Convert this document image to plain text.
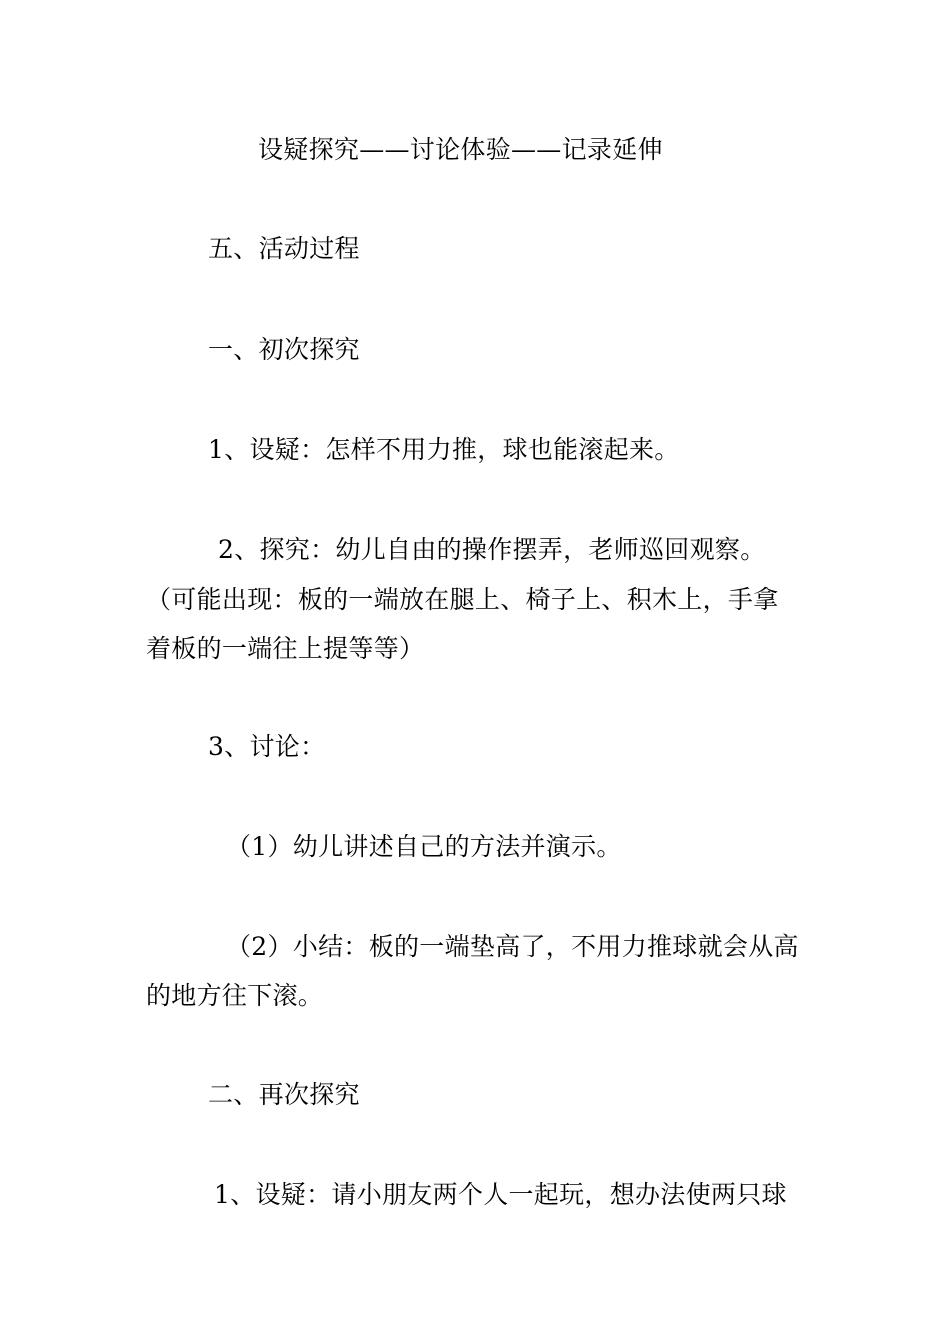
设疑探究——讨论体验——记录延伸
五、活动过程
一、初次探究
1、设疑：怎样不用力推，球也能滚起来。
2、探究：幼儿自由的操作摆弄，老师巡回观察。
（可能出现：板的一端放在腿上、椅子上、积木上，手拿
着板的一端往上提等等）
3、讨论：
（1）幼儿讲述自己的方法并演示。
（2）小结：板的一端垫高了，不用力推球就会从高
的地方往下滚。
二、再次探究
1、设疑：请小朋友两个人一起玩，想办法使两只球
